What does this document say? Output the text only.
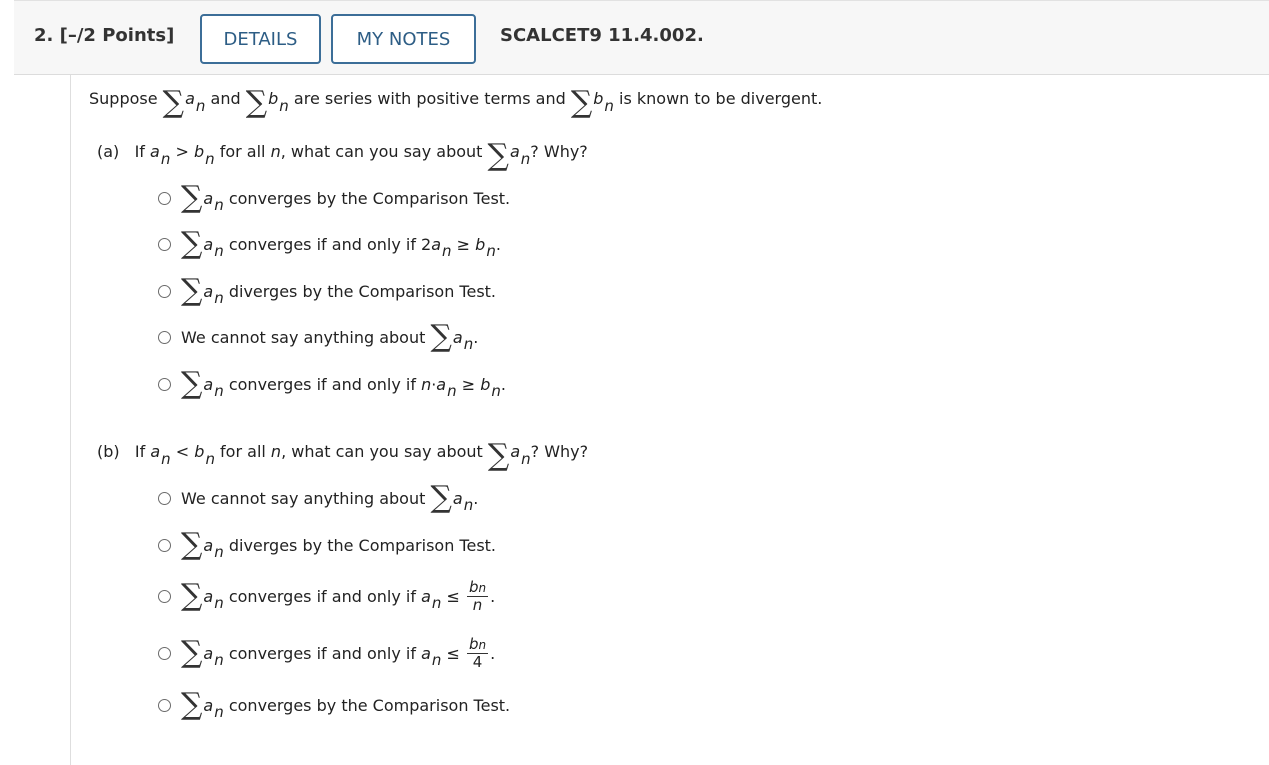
2. [–/2 Points]	DETAILS	MY NOTES	SCALCET9 11.4.002.
Suppose ∑an and ∑bn are series with positive terms and ∑bn is known to be divergent.
(a) If an > bn for all n, what can you say about ∑an? Why?
∑ a n
converges by the Comparison Test.
∑ a n
converges if and only if 2 a n
≥
b n .
∑ a n
diverges by the Comparison Test.
We cannot say anything about
∑ a n .
∑ a n
converges if and only if
n · a n
≥
b n .
(b) If an < bn for all n, what can you say about ∑an? Why?
We cannot say anything about
∑ a n .
∑ a n
diverges by the Comparison Test.
∑ a n
converges if and only if
a n
≤
$\frac{bn}{n}$ .
∑ a n
converges if and only if
a n
≤
$\frac{bn}{4}$ .
∑ a n
converges by the Comparison Test.
